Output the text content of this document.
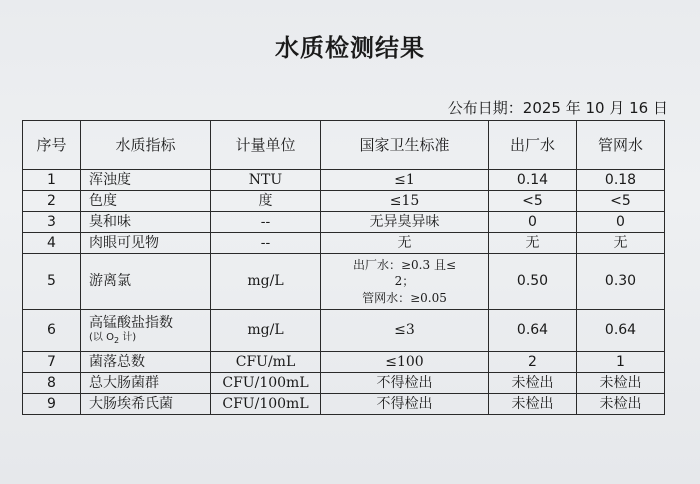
水质检测结果
公布日期：2025 年 10 月 16 日
序号	水质指标	计量单位	国家卫生标准	出厂水	管网水
1	浑浊度	NTU	≤1	0.14	0.18
2	色度	度	≤15	<5	<5
3	臭和味	--	无异臭异味	0	0
4	肉眼可见物	--	无	无	无
5	游离氯	mg/L	出厂水：≥0.3 且≤
2；
管网水：≥0.05	0.50	0.30
6	高锰酸盐指数
(以 $O_2$ 计)	mg/L	≤3	0.64	0.64
7	菌落总数	CFU/mL	≤100	2	1
8	总大肠菌群	CFU/100mL	不得检出	未检出	未检出
9	大肠埃希氏菌	CFU/100mL	不得检出	未检出	未检出
